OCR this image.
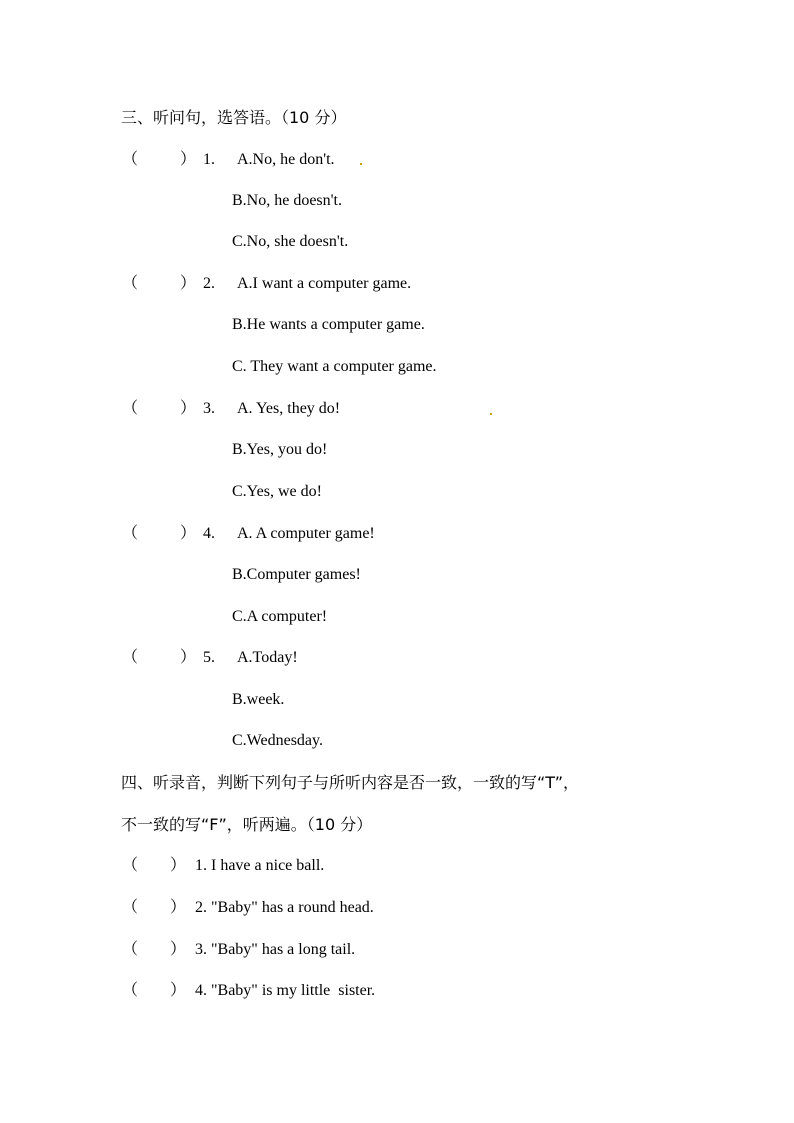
三、听问句，选答语。（10 分）
（	） 1. A.No, he don't.
B.No, he doesn't.
C.No, she doesn't.
（	） 2. A.I want a computer game.
B.He wants a computer game.
C. They want a computer game.
（	） 3. A. Yes, they do!
B.Yes, you do!
C.Yes, we do!
（	） 4. A. A computer game!
B.Computer games!
C.A computer!
（	） 5. A.Today!
B.week.
C.Wednesday.
四、听录音，判断下列句子与所听内容是否一致，一致的写“T”，
不一致的写“F”，听两遍。（10 分）
（ ） 1. I have a nice ball.
（ ） 2. "Baby" has a round head.
（ ） 3. "Baby" has a long tail.
（ ） 4. "Baby" is my little  sister.
